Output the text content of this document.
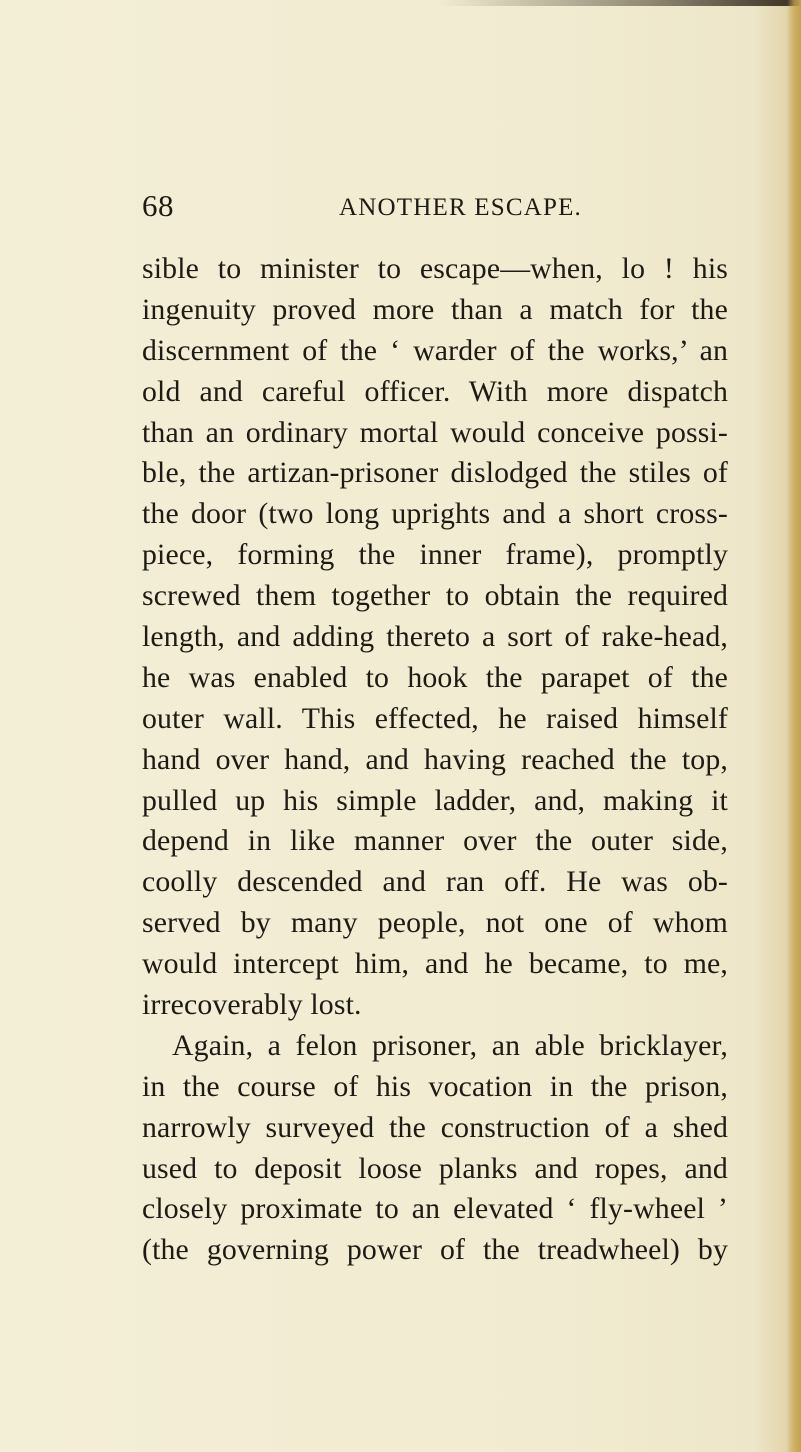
68	ANOTHER ESCAPE.
sible to minister to escape—when, lo ! his
ingenuity proved more than a match for the
discernment of the ‘ warder of the works,’ an
old and careful officer. With more dispatch
than an ordinary mortal would conceive possi-
ble, the artizan-prisoner dislodged the stiles of
the door (two long uprights and a short cross-
piece, forming the inner frame), promptly
screwed them together to obtain the required
length, and adding thereto a sort of rake-head,
he was enabled to hook the parapet of the
outer wall. This effected, he raised himself
hand over hand, and having reached the top,
pulled up his simple ladder, and, making it
depend in like manner over the outer side,
coolly descended and ran off. He was ob-
served by many people, not one of whom
would intercept him, and he became, to me,
irrecoverably lost.
Again, a felon prisoner, an able bricklayer,
in the course of his vocation in the prison,
narrowly surveyed the construction of a shed
used to deposit loose planks and ropes, and
closely proximate to an elevated ‘ fly-wheel ’
(the governing power of the treadwheel) by
